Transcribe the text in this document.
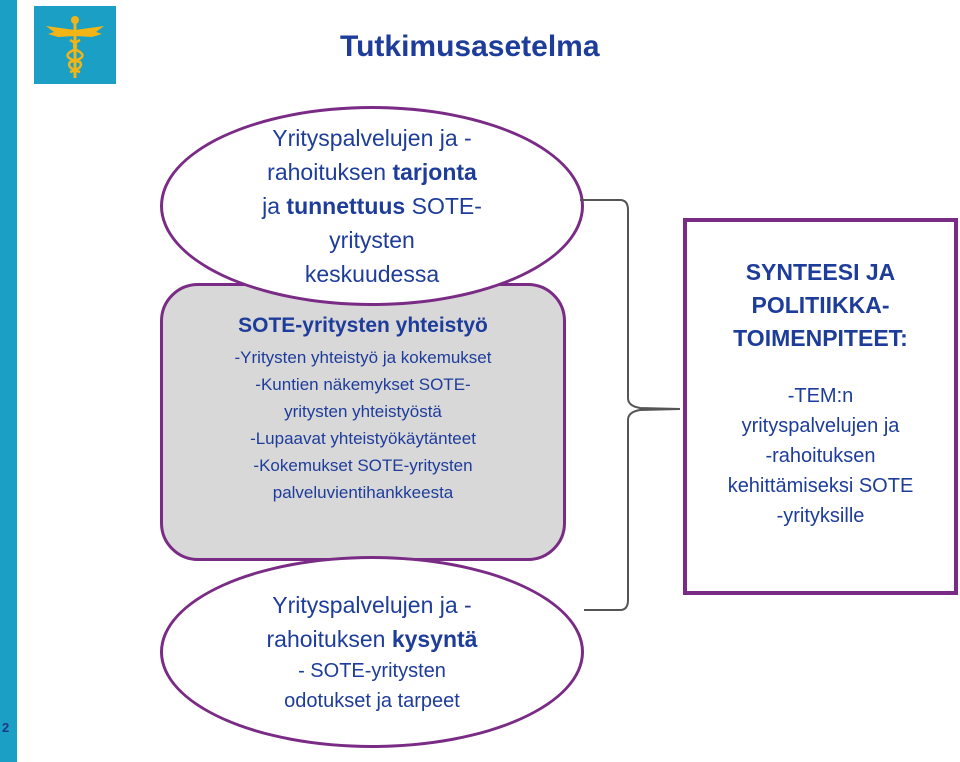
2
Tutkimusasetelma
SOTE-yritysten yhteistyö
-Yritysten yhteistyö ja kokemukset
-Kuntien näkemykset SOTE-
yritysten yhteistyöstä
-Lupaavat yhteistyökäytänteet
-Kokemukset SOTE-yritysten
palveluvientihankkeesta
Yrityspalvelujen ja -
rahoituksen tarjonta
ja tunnettuus SOTE-
yritysten
keskuudessa
Yrityspalvelujen ja -
rahoituksen kysyntä
- SOTE-yritysten
odotukset ja tarpeet
SYNTEESI JA
POLITIIKKA-
TOIMENPITEET:
-TEM:n
yrityspalvelujen ja
-rahoituksen
kehittämiseksi SOTE
-yrityksille
